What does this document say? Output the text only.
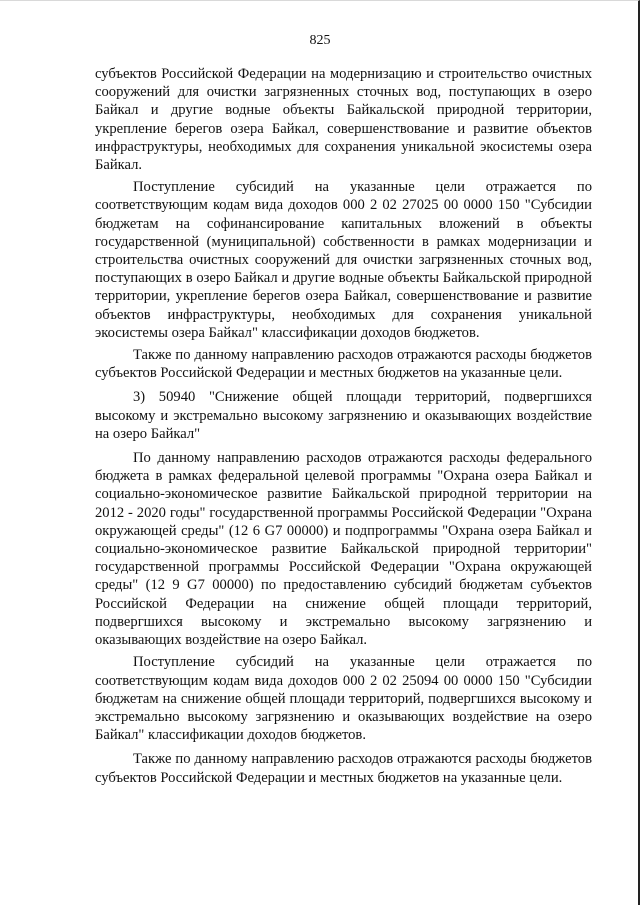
825

субъектов Российской Федерации на модернизацию и строительство очистных сооружений для очистки загрязненных сточных вод, поступающих в озеро Байкал и другие водные объекты Байкальской природной территории, укрепление берегов озера Байкал, совершенствование и развитие объектов инфраструктуры, необходимых для сохранения уникальной экосистемы озера Байкал.

Поступление субсидий на указанные цели отражается по соответствующим кодам вида доходов 000 2 02 27025 00 0000 150 "Субсидии бюджетам на софинансирование капитальных вложений в объекты государственной (муниципальной) собственности в рамках модернизации и строительства очистных сооружений для очистки загрязненных сточных вод, поступающих в озеро Байкал и другие водные объекты Байкальской природной территории, укрепление берегов озера Байкал, совершенствование и развитие объектов инфраструктуры, необходимых для сохранения уникальной экосистемы озера Байкал" классификации доходов бюджетов.

Также по данному направлению расходов отражаются расходы бюджетов субъектов Российской Федерации и местных бюджетов на указанные цели.

3) 50940 "Снижение общей площади территорий, подвергшихся высокому и экстремально высокому загрязнению и оказывающих воздействие на озеро Байкал"

По данному направлению расходов отражаются расходы федерального бюджета в рамках федеральной целевой программы "Охрана озера Байкал и социально-экономическое развитие Байкальской природной территории на 2012 - 2020 годы" государственной программы Российской Федерации "Охрана окружающей среды" (12 6 G7 00000) и подпрограммы "Охрана озера Байкал и социально-экономическое развитие Байкальской природной территории" государственной программы Российской Федерации "Охрана окружающей среды" (12 9 G7 00000) по предоставлению субсидий бюджетам субъектов Российской Федерации на снижение общей площади территорий, подвергшихся высокому и экстремально высокому загрязнению и оказывающих воздействие на озеро Байкал.

Поступление субсидий на указанные цели отражается по соответствующим кодам вида доходов 000 2 02 25094 00 0000 150 "Субсидии бюджетам на снижение общей площади территорий, подвергшихся высокому и экстремально высокому загрязнению и оказывающих воздействие на озеро Байкал" классификации доходов бюджетов.

Также по данному направлению расходов отражаются расходы бюджетов субъектов Российской Федерации и местных бюджетов на указанные цели.
